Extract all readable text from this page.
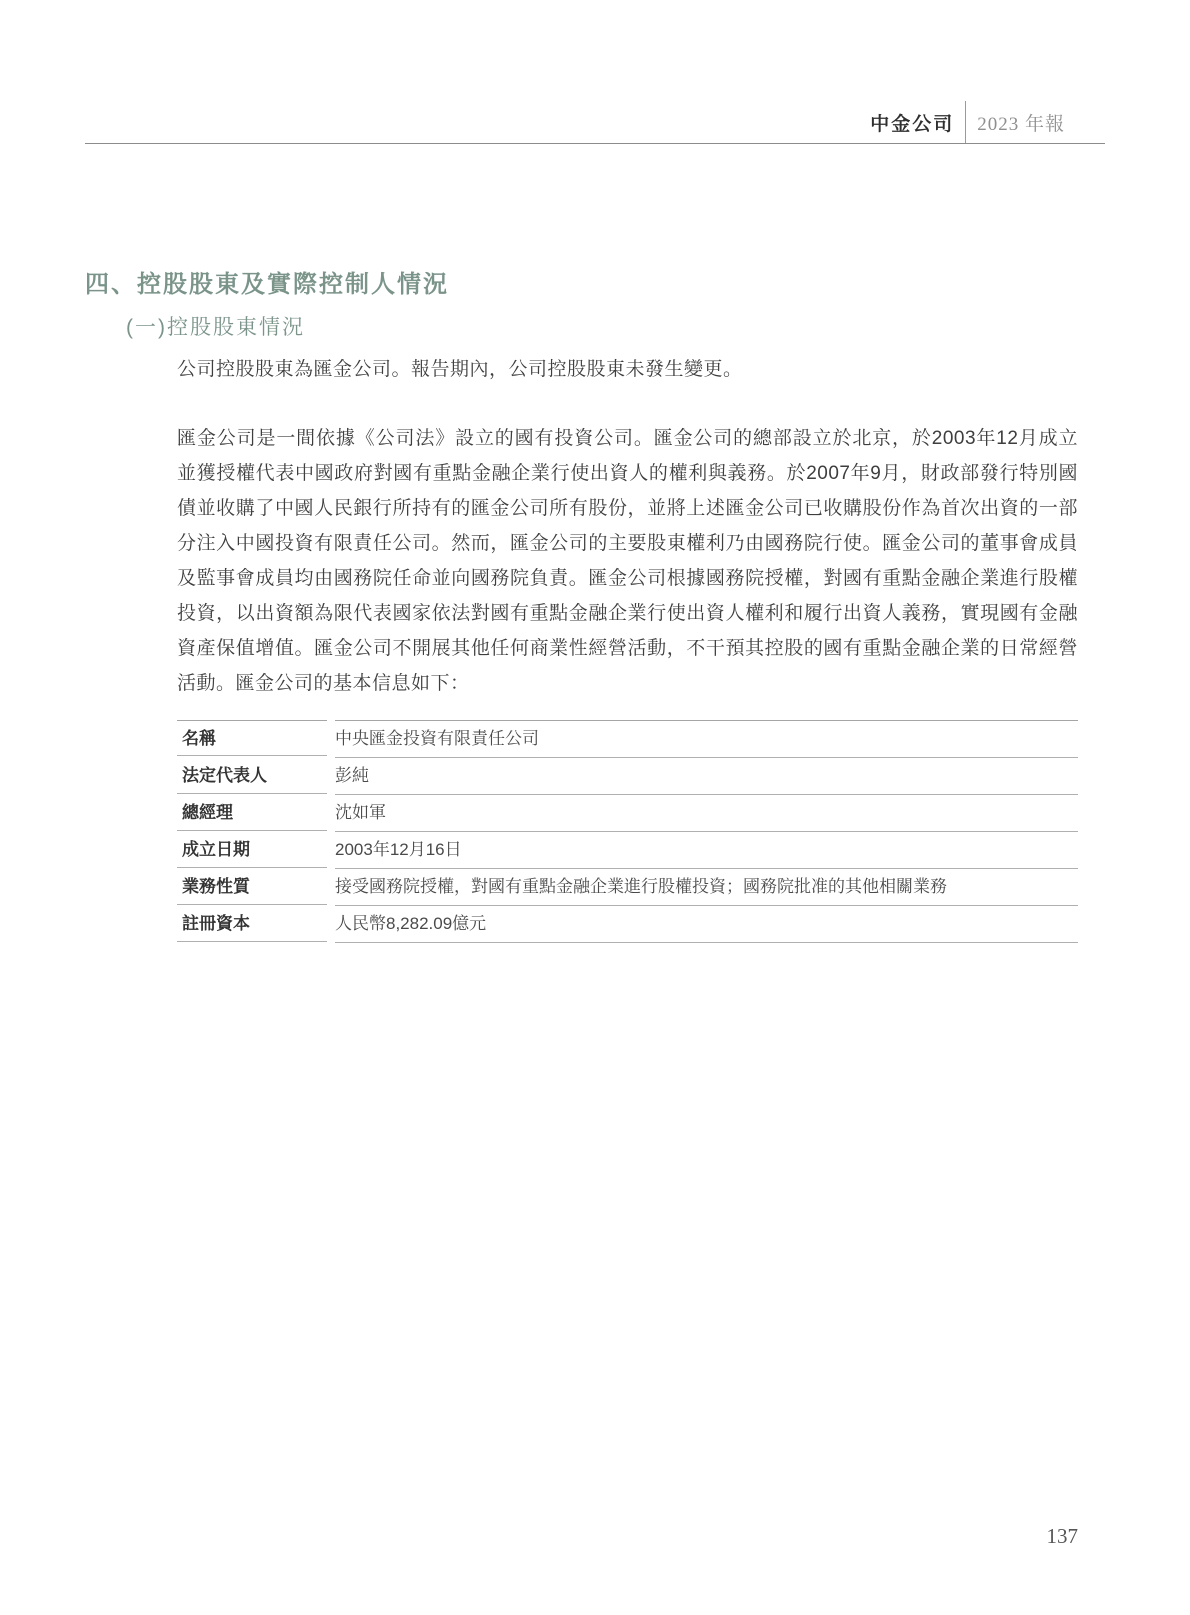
中金公司 2023 年報
四、控股股東及實際控制人情況
(一)控股股東情況
公司控股股東為匯金公司。報告期內，公司控股股東未發生變更。
匯金公司是一間依據《公司法》設立的國有投資公司。匯金公司的總部設立於北京，於2003年12月成立並獲授權代表中國政府對國有重點金融企業行使出資人的權利與義務。於2007年9月，財政部發行特別國債並收購了中國人民銀行所持有的匯金公司所有股份，並將上述匯金公司已收購股份作為首次出資的一部分注入中國投資有限責任公司。然而，匯金公司的主要股東權利乃由國務院行使。匯金公司的董事會成員及監事會成員均由國務院任命並向國務院負責。匯金公司根據國務院授權，對國有重點金融企業進行股權投資，以出資額為限代表國家依法對國有重點金融企業行使出資人權利和履行出資人義務，實現國有金融資產保值增值。匯金公司不開展其他任何商業性經營活動，不干預其控股的國有重點金融企業的日常經營活動。匯金公司的基本信息如下：
名稱	中央匯金投資有限責任公司
法定代表人	彭純
總經理	沈如軍
成立日期	2003年12月16日
業務性質	接受國務院授權，對國有重點金融企業進行股權投資；國務院批准的其他相關業務
註冊資本	人民幣8,282.09億元
137
